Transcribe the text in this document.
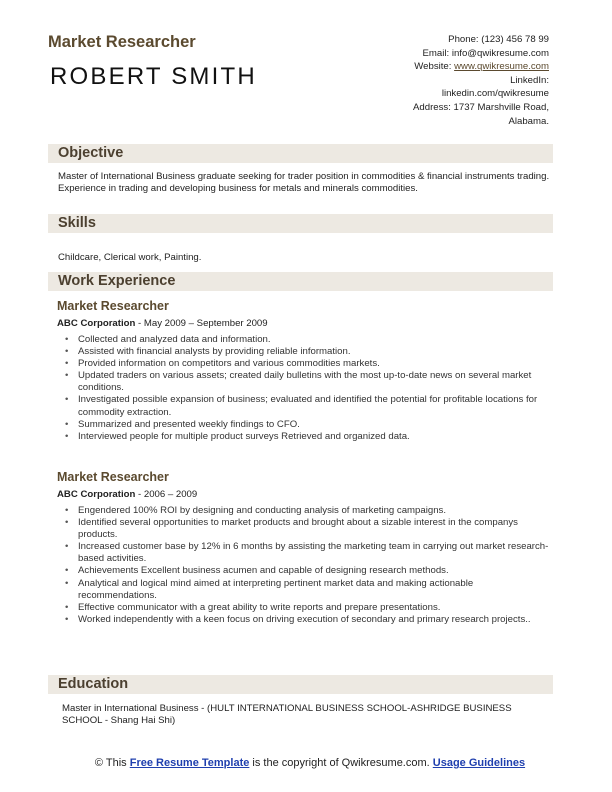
Market Researcher
ROBERT SMITH
Phone: (123) 456 78 99
Email: info@qwikresume.com
Website: www.qwikresume.com
LinkedIn:
linkedin.com/qwikresume
Address: 1737 Marshville Road,
Alabama.
Objective
Master of International Business graduate seeking for trader position in commodities & financial instruments trading. Experience in trading and developing business for metals and minerals commodities.
Skills
Childcare, Clerical work, Painting.
Work Experience
Market Researcher
ABC Corporation - May 2009 – September 2009
• Collected and analyzed data and information.
• Assisted with financial analysts by providing reliable information.
• Provided information on competitors and various commodities markets.
• Updated traders on various assets; created daily bulletins with the most up-to-date news on several market conditions.
• Investigated possible expansion of business; evaluated and identified the potential for profitable locations for commodity extraction.
• Summarized and presented weekly findings to CFO.
• Interviewed people for multiple product surveys Retrieved and organized data.
Market Researcher
ABC Corporation - 2006 – 2009
• Engendered 100% ROI by designing and conducting analysis of marketing campaigns.
• Identified several opportunities to market products and brought about a sizable interest in the companys products.
• Increased customer base by 12% in 6 months by assisting the marketing team in carrying out market research-based activities.
• Achievements Excellent business acumen and capable of designing research methods.
• Analytical and logical mind aimed at interpreting pertinent market data and making actionable recommendations.
• Effective communicator with a great ability to write reports and prepare presentations.
• Worked independently with a keen focus on driving execution of secondary and primary research projects..
Education
Master in International Business - (HULT INTERNATIONAL BUSINESS SCHOOL-ASHRIDGE BUSINESS SCHOOL - Shang Hai Shi)
© This Free Resume Template is the copyright of Qwikresume.com. Usage Guidelines
